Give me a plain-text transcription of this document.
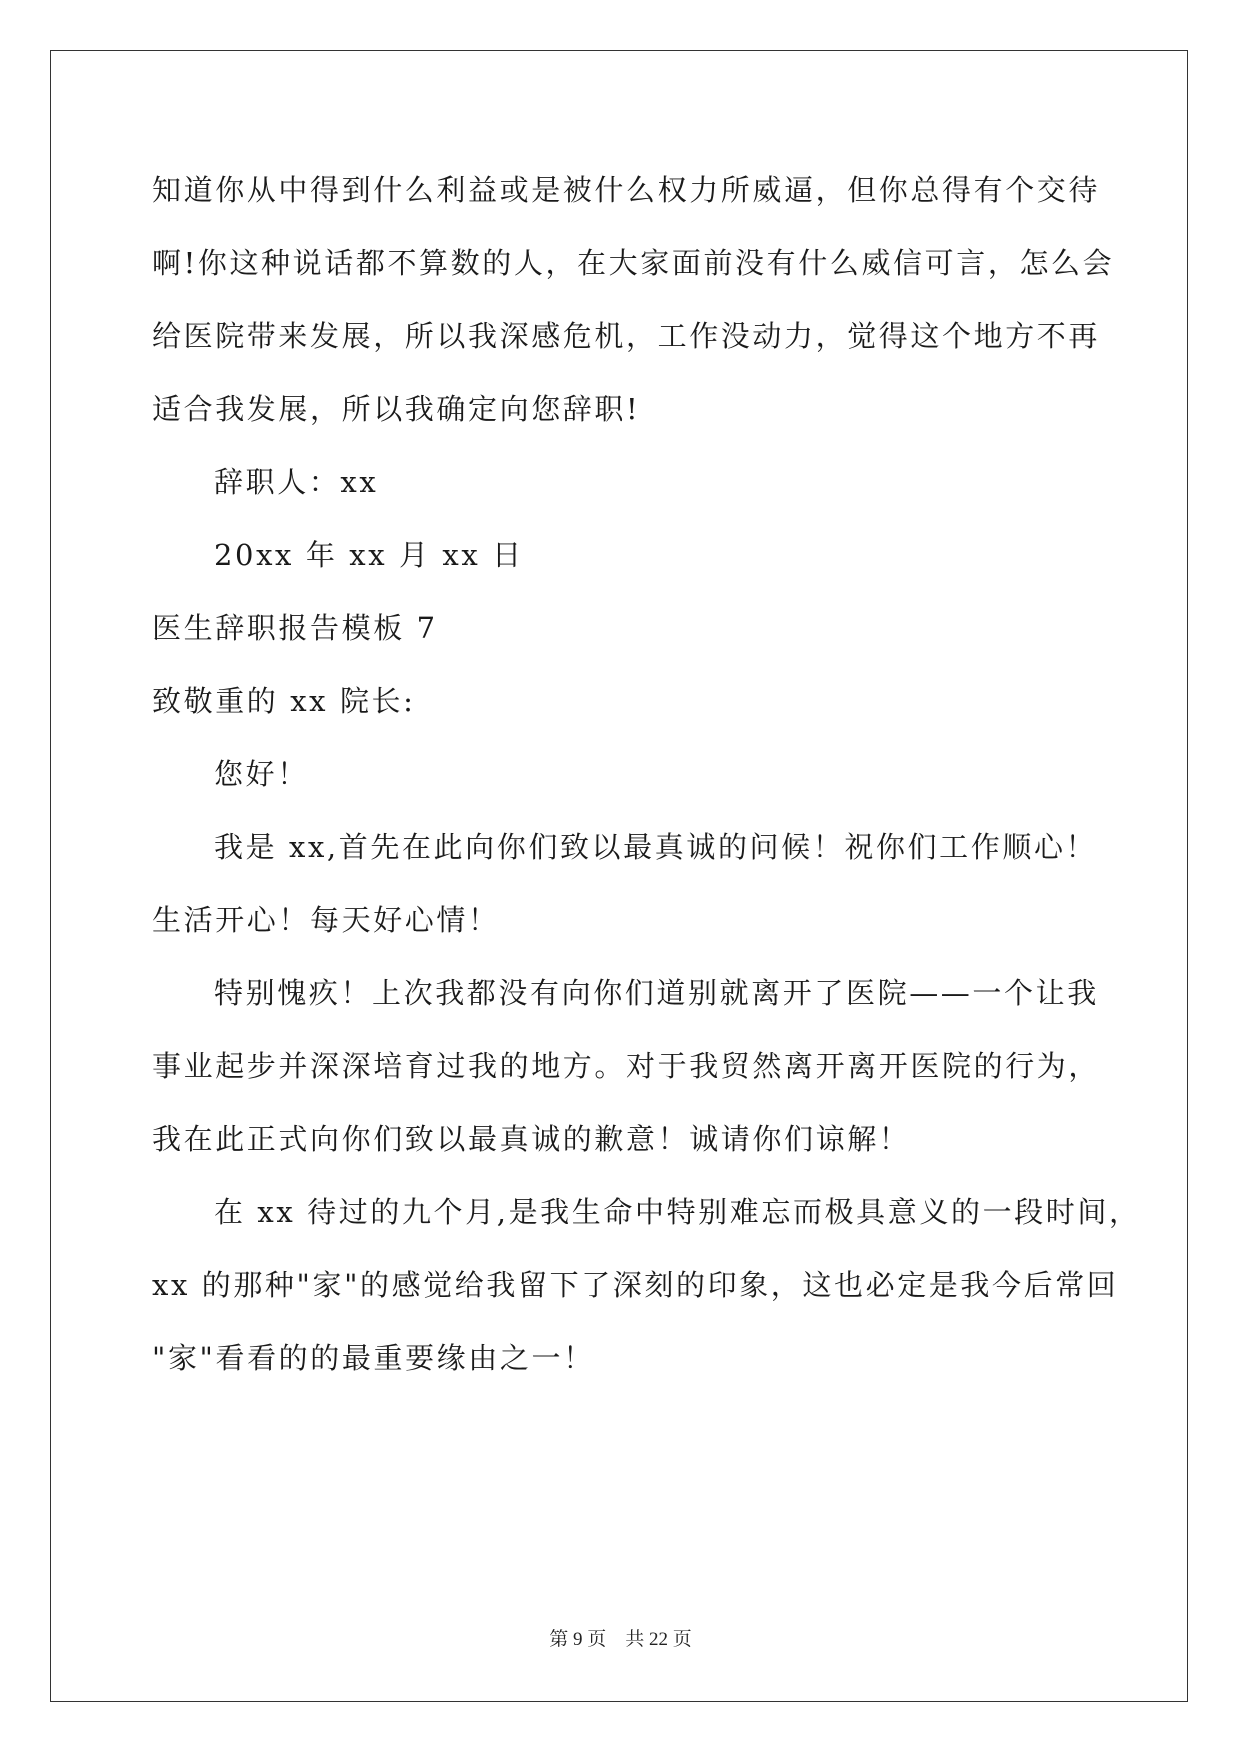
知道你从中得到什么利益或是被什么权力所威逼，但你总得有个交待
啊!你这种说话都不算数的人，在大家面前没有什么威信可言，怎么会
给医院带来发展，所以我深感危机，工作没动力，觉得这个地方不再
适合我发展，所以我确定向您辞职!
辞职人：xx
20xx 年 xx 月 xx 日
医生辞职报告模板 7
致敬重的 xx 院长:
您好！
我是 xx,首先在此向你们致以最真诚的问候！祝你们工作顺心！
生活开心！每天好心情！
特别愧疚！上次我都没有向你们道别就离开了医院——一个让我
事业起步并深深培育过我的地方。对于我贸然离开离开医院的行为，
我在此正式向你们致以最真诚的歉意！诚请你们谅解！
在 xx 待过的九个月,是我生命中特别难忘而极具意义的一段时间，
xx 的那种"家"的感觉给我留下了深刻的印象，这也必定是我今后常回
"家"看看的的最重要缘由之一！
第 9 页    共 22 页
